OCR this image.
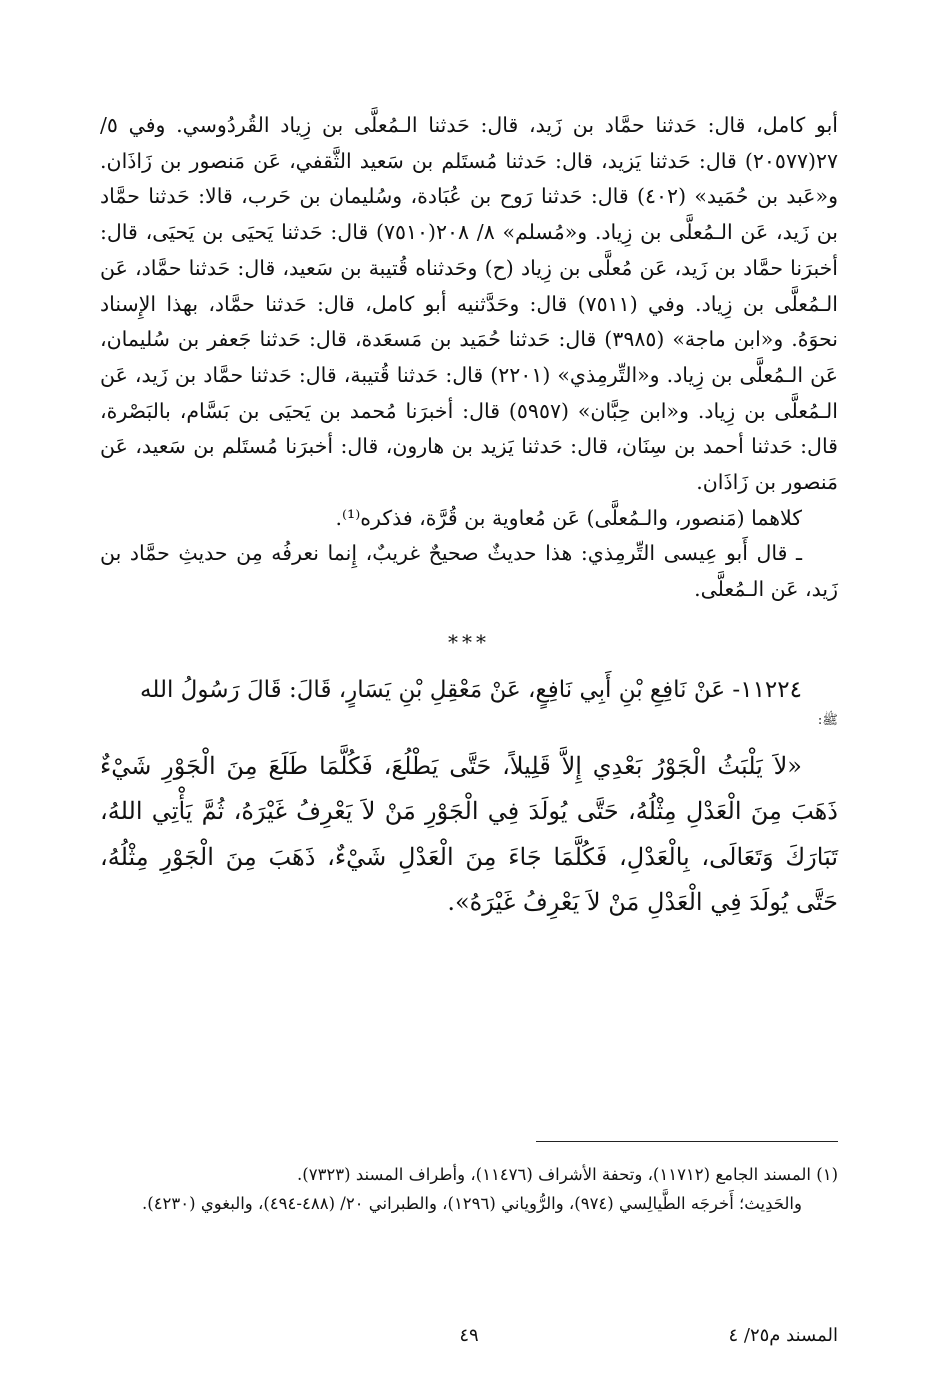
أبو كامل، قال: حَدثنا حمَّاد بن زَيد، قال: حَدثنا الـمُعلَّى بن زِياد القُردُوسي. وفي ٥/ ٢٧(٢٠٥٧٧) قال: حَدثنا يَزيد، قال: حَدثنا مُستَلم بن سَعيد الثَّقفي، عَن مَنصور بن زَاذَان. و«عَبد بن حُمَيد» (٤٠٢) قال: حَدثنا رَوح بن عُبَادة، وسُليمان بن حَرب، قالا: حَدثنا حمَّاد بن زَيد، عَن الـمُعلَّى بن زِياد. و«مُسلم» ٨/ ٢٠٨(٧٥١٠) قال: حَدثنا يَحيَى بن يَحيَى، قال: أخبرَنا حمَّاد بن زَيد، عَن مُعلَّى بن زِياد (ح) وحَدثناه قُتيبة بن سَعيد، قال: حَدثنا حمَّاد، عَن الـمُعلَّى بن زِياد. وفي (٧٥١١) قال: وحَدَّثنيه أبو كامل، قال: حَدثنا حمَّاد، بهذا الإِسناد نحوَهُ. و«ابن ماجة» (٣٩٨٥) قال: حَدثنا حُمَيد بن مَسعَدة، قال: حَدثنا جَعفر بن سُليمان، عَن الـمُعلَّى بن زِياد. و«التِّرمِذي» (٢٢٠١) قال: حَدثنا قُتيبة، قال: حَدثنا حمَّاد بن زَيد، عَن الـمُعلَّى بن زِياد. و«ابن حِبَّان» (٥٩٥٧) قال: أخبرَنا مُحمد بن يَحيَى بن بَسَّام، بالبَصْرة، قال: حَدثنا أحمد بن سِنَان، قال: حَدثنا يَزيد بن هارون، قال: أخبرَنا مُستَلم بن سَعيد، عَن مَنصور بن زَاذَان.

كلاهما (مَنصور، والـمُعلَّى) عَن مُعاوية بن قُرَّة، فذكره⁽¹⁾.

ـ قال أَبو عِيسى التِّرمِذي: هذا حديثٌ صحيحٌ غريبٌ، إِنما نعرفُه مِن حديثِ حمَّاد بن زَيد، عَن الـمُعلَّى.

***

١١٢٢٤- عَنْ نَافِعِ بْنِ أَبِي نَافِعٍ، عَنْ مَعْقِلِ بْنِ يَسَارٍ، قَالَ: قَالَ رَسُولُ الله

ﷺ:

«لاَ يَلْبَثُ الْجَوْرُ بَعْدِي إِلاَّ قَلِيلاً، حَتَّى يَطْلُعَ، فَكُلَّمَا طَلَعَ مِنَ الْجَوْرِ شَيْءٌ ذَهَبَ مِنَ الْعَدْلِ مِثْلُهُ، حَتَّى يُولَدَ فِي الْجَوْرِ مَنْ لاَ يَعْرِفُ غَيْرَهُ، ثُمَّ يَأْتِي اللهُ، تَبَارَكَ وَتَعَالَى، بِالْعَدْلِ، فَكُلَّمَا جَاءَ مِنَ الْعَدْلِ شَيْءٌ، ذَهَبَ مِنَ الْجَوْرِ مِثْلُهُ، حَتَّى يُولَدَ فِي الْعَدْلِ مَنْ لاَ يَعْرِفُ غَيْرَهُ».

(١) المسند الجامع (١١٧١٢)، وتحفة الأشراف (١١٤٧٦)، وأطراف المسند (٧٣٢٣).

والحَدِيث؛ أَخرجَه الطَّيالِسي (٩٧٤)، والرُّوياني (١٢٩٦)، والطبراني ٢٠/ (٤٨٨-٤٩٤)، والبغوي (٤٢٣٠).

المسند م٢٥/ ٤
٤٩
